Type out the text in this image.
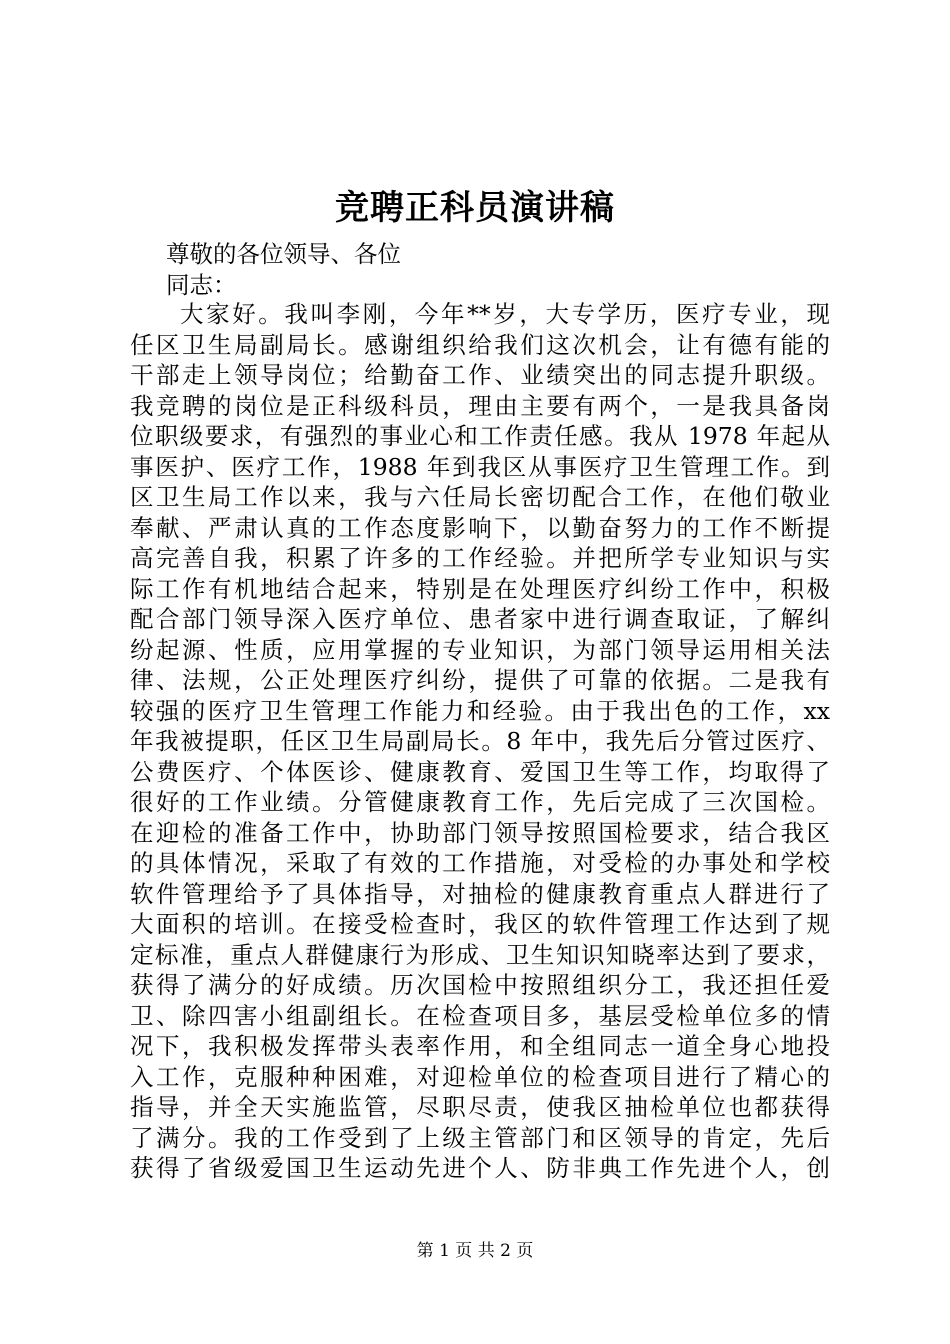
竞聘正科员演讲稿
尊敬的各位领导、各位
同志：
大家好。我叫李刚，今年**岁，大专学历，医疗专业，现
任区卫生局副局长。感谢组织给我们这次机会，让有德有能的
干部走上领导岗位；给勤奋工作、业绩突出的同志提升职级。
我竞聘的岗位是正科级科员，理由主要有两个，一是我具备岗
位职级要求，有强烈的事业心和工作责任感。我从 1978 年起从
事医护、医疗工作，1988 年到我区从事医疗卫生管理工作。到
区卫生局工作以来，我与六任局长密切配合工作，在他们敬业
奉献、严肃认真的工作态度影响下，以勤奋努力的工作不断提
高完善自我，积累了许多的工作经验。并把所学专业知识与实
际工作有机地结合起来，特别是在处理医疗纠纷工作中，积极
配合部门领导深入医疗单位、患者家中进行调查取证，了解纠
纷起源、性质，应用掌握的专业知识，为部门领导运用相关法
律、法规，公正处理医疗纠纷，提供了可靠的依据。二是我有
较强的医疗卫生管理工作能力和经验。由于我出色的工作，xx
年我被提职，任区卫生局副局长。8 年中，我先后分管过医疗、
公费医疗、个体医诊、健康教育、爱国卫生等工作，均取得了
很好的工作业绩。分管健康教育工作，先后完成了三次国检。
在迎检的准备工作中，协助部门领导按照国检要求，结合我区
的具体情况，采取了有效的工作措施，对受检的办事处和学校
软件管理给予了具体指导，对抽检的健康教育重点人群进行了
大面积的培训。在接受检查时，我区的软件管理工作达到了规
定标准，重点人群健康行为形成、卫生知识知晓率达到了要求，
获得了满分的好成绩。历次国检中按照组织分工，我还担任爱
卫、除四害小组副组长。在检查项目多，基层受检单位多的情
况下，我积极发挥带头表率作用，和全组同志一道全身心地投
入工作，克服种种困难，对迎检单位的检查项目进行了精心的
指导，并全天实施监管，尽职尽责，使我区抽检单位也都获得
了满分。我的工作受到了上级主管部门和区领导的肯定，先后
获得了省级爱国卫生运动先进个人、防非典工作先进个人，创
第 1 页 共 2 页
